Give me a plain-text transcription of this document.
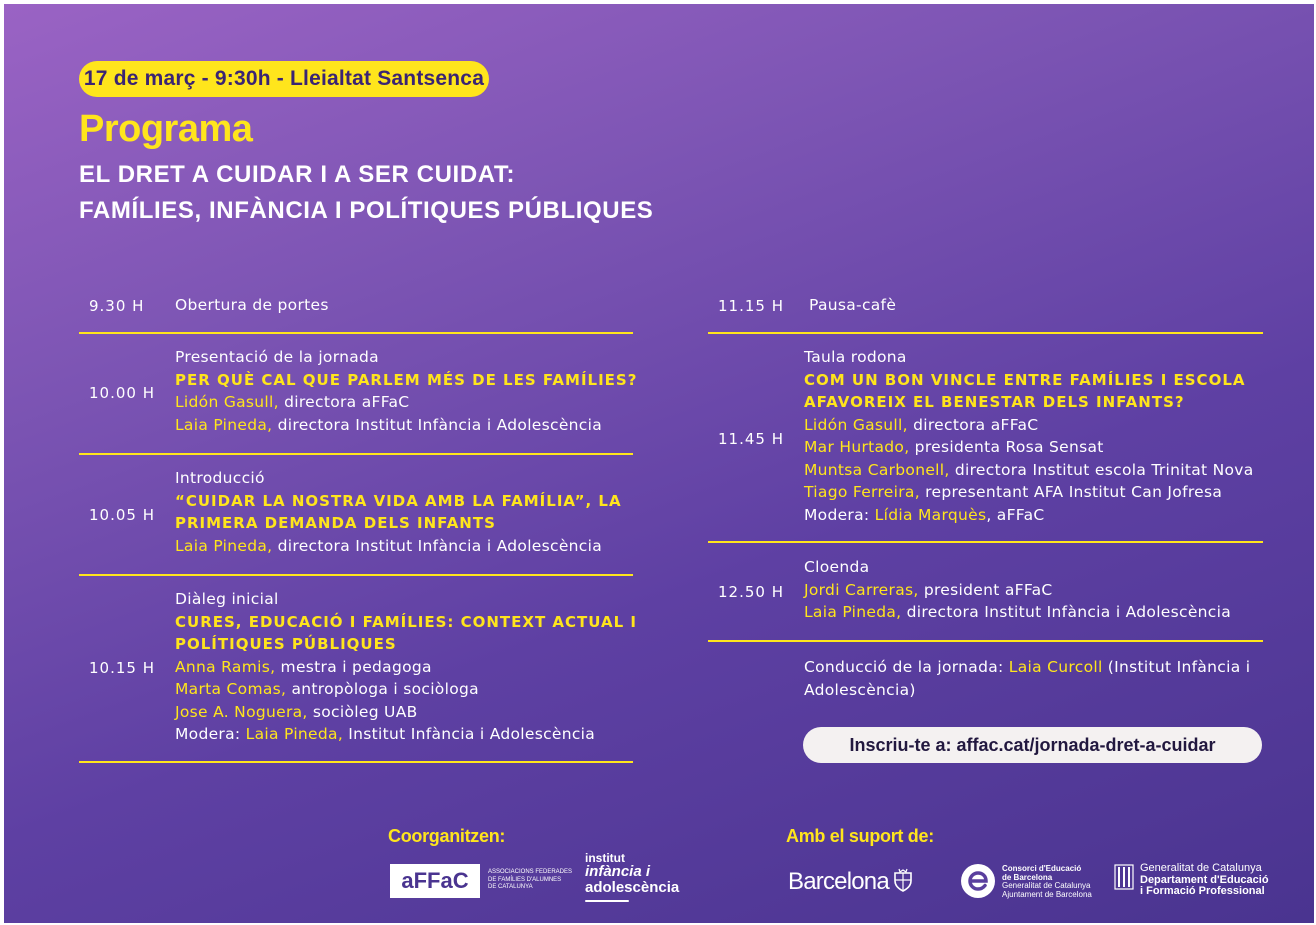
17 de març - 9:30h - Lleialtat Santsenca
Programa
EL DRET A CUIDAR I A SER CUIDAT:
FAMÍLIES, INFÀNCIA I POLÍTIQUES PÚBLIQUES
9.30 H Obertura de portes
10.00 H
Presentació de la jornada
PER QUÈ CAL QUE PARLEM MÉS DE LES FAMÍLIES?
Lidón Gasull, directora aFFaC
Laia Pineda, directora Institut Infància i Adolescència
10.05 H
Introducció
“CUIDAR LA NOSTRA VIDA AMB LA FAMÍLIA”, LA
PRIMERA DEMANDA DELS INFANTS
Laia Pineda, directora Institut Infància i Adolescència
10.15 H
Diàleg inicial
CURES, EDUCACIÓ I FAMÍLIES: CONTEXT ACTUAL I
POLÍTIQUES PÚBLIQUES
Anna Ramis, mestra i pedagoga
Marta Comas, antropòloga i sociòloga
Jose A. Noguera, sociòleg UAB
Modera: Laia Pineda, Institut Infància i Adolescència
11.15 H Pausa-cafè
11.45 H
Taula rodona
COM UN BON VINCLE ENTRE FAMÍLIES I ESCOLA
AFAVOREIX EL BENESTAR DELS INFANTS?
Lidón Gasull, directora aFFaC
Mar Hurtado, presidenta Rosa Sensat
Muntsa Carbonell, directora Institut escola Trinitat Nova
Tiago Ferreira, representant AFA Institut Can Jofresa
Modera: Lídia Marquès, aFFaC
12.50 H
Cloenda
Jordi Carreras, president aFFaC
Laia Pineda, directora Institut Infància i Adolescència
Conducció de la jornada: Laia Curcoll (Institut Infància i
Adolescència)
Inscriu-te a: affac.cat/jornada-dret-a-cuidar
Coorganitzen:	Amb el suport de:
aFFaC	ASSOCIACIONS FEDERADES
DE FAMÍLIES D'ALUMNES
DE CATALUNYA
institut
infància i
adolescència	Barcelona	Consorci d'Educació
de Barcelona
Generalitat de Catalunya
Ajuntament de Barcelona
Generalitat de Catalunya
Departament d'Educació
i Formació Professional
